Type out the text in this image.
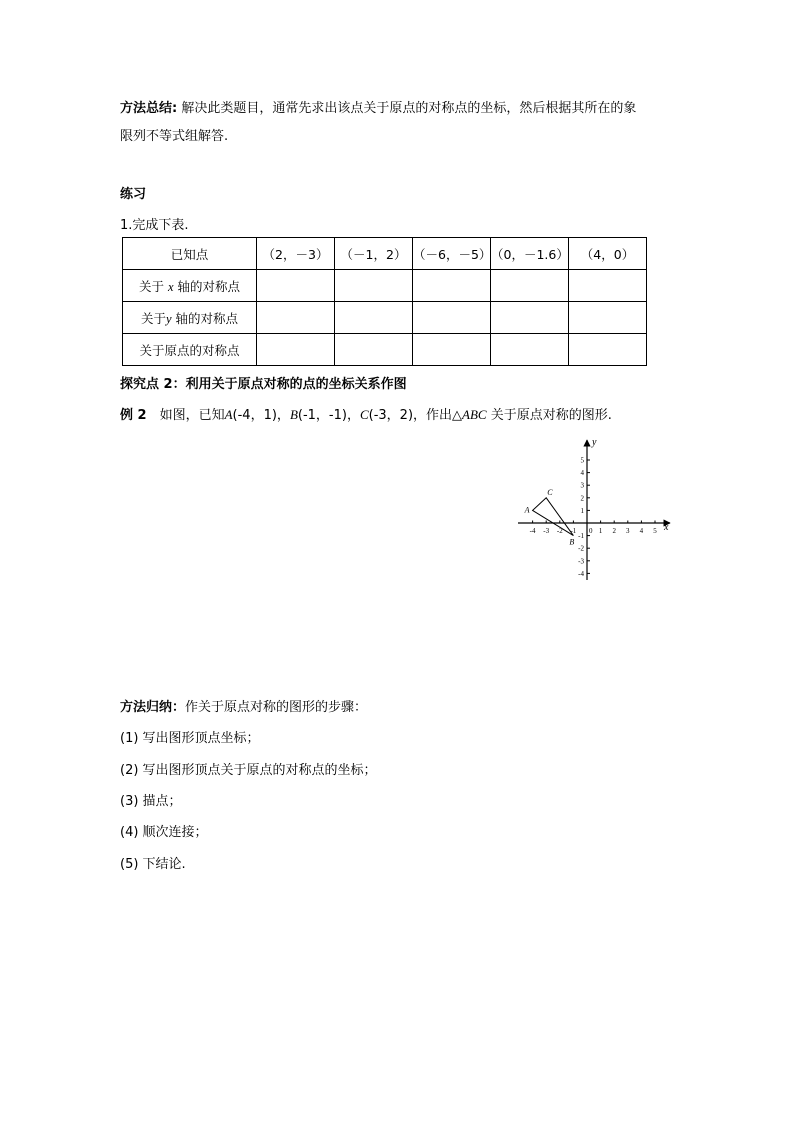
方法总结: 解决此类题目，通常先求出该点关于原点的对称点的坐标，然后根据其所在的象
限列不等式组解答.
练习
1.完成下表.
已知点	（2，－3）	（－1，2）	（－6，－5）	（0，－1.6）	（4，0）
关于 x 轴的对称点					
关于y 轴的对称点					
关于原点的对称点					
探究点 2：利用关于原点对称的点的坐标关系作图
例 2　如图，已知A(-4，1)，B(-1，-1)，C(-3，2)，作出△ABC 关于原点对称的图形.
x
y
0
-4 -3 -2 -1	1 2 3 4 5
5
4
3
2
1
-1
-2
-3
-4
A
B
C
方法归纳：作关于原点对称的图形的步骤：
(1) 写出图形顶点坐标；
(2) 写出图形顶点关于原点的对称点的坐标；
(3) 描点；
(4) 顺次连接；
(5) 下结论.
